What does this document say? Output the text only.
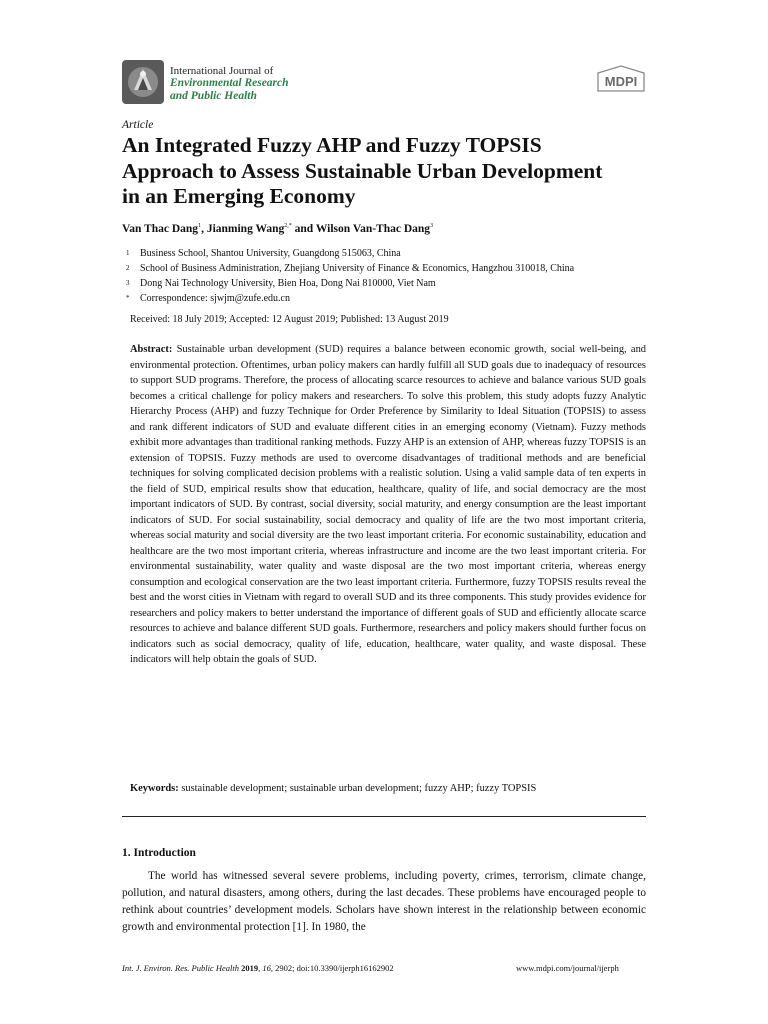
International Journal of
Environmental Research
and Public Health
MDPI
Article
An Integrated Fuzzy AHP and Fuzzy TOPSIS
Approach to Assess Sustainable Urban Development
in an Emerging Economy
Van Thac Dang$^1$, Jianming Wang$^{2,*}$ and Wilson Van-Thac Dang$^3$
1 Business School, Shantou University, Guangdong 515063, China
2 School of Business Administration, Zhejiang University of Finance & Economics, Hangzhou 310018, China
3 Dong Nai Technology University, Bien Hoa, Dong Nai 810000, Viet Nam
* Correspondence: sjwjm@zufe.edu.cn
Received: 18 July 2019; Accepted: 12 August 2019; Published: 13 August 2019
Abstract: Sustainable urban development (SUD) requires a balance between economic growth, social well-being, and environmental protection. Oftentimes, urban policy makers can hardly fulfill all SUD goals due to inadequacy of resources to support SUD programs. Therefore, the process of allocating scarce resources to achieve and balance various SUD goals becomes a critical challenge for policy makers and researchers. To solve this problem, this study adopts fuzzy Analytic Hierarchy Process (AHP) and fuzzy Technique for Order Preference by Similarity to Ideal Situation (TOPSIS) to assess and rank different indicators of SUD and evaluate different cities in an emerging economy (Vietnam). Fuzzy methods exhibit more advantages than traditional ranking methods. Fuzzy AHP is an extension of AHP, whereas fuzzy TOPSIS is an extension of TOPSIS. Fuzzy methods are used to overcome disadvantages of traditional methods and are beneficial techniques for solving complicated decision problems with a realistic solution. Using a valid sample data of ten experts in the field of SUD, empirical results show that education, healthcare, quality of life, and social democracy are the most important indicators of SUD. By contrast, social diversity, social maturity, and energy consumption are the least important indicators of SUD. For social sustainability, social democracy and quality of life are the two most important criteria, whereas social maturity and social diversity are the two least important criteria. For economic sustainability, education and healthcare are the two most important criteria, whereas infrastructure and income are the two least important criteria. For environmental sustainability, water quality and waste disposal are the two most important criteria, whereas energy consumption and ecological conservation are the two least important criteria. Furthermore, fuzzy TOPSIS results reveal the best and the worst cities in Vietnam with regard to overall SUD and its three components. This study provides evidence for researchers and policy makers to better understand the importance of different goals of SUD and efficiently allocate scarce resources to achieve and balance different SUD goals. Furthermore, researchers and policy makers should further focus on indicators such as social democracy, quality of life, education, healthcare, water quality, and waste disposal. These indicators will help obtain the goals of SUD.
Keywords: sustainable development; sustainable urban development; fuzzy AHP; fuzzy TOPSIS
1. Introduction
The world has witnessed several severe problems, including poverty, crimes, terrorism, climate change, pollution, and natural disasters, among others, during the last decades. These problems have encouraged people to rethink about countries’ development models. Scholars have shown interest in the relationship between economic growth and environmental protection [1]. In 1980, the
Int. J. Environ. Res. Public Health 2019, 16, 2902; doi:10.3390/ijerph16162902	www.mdpi.com/journal/ijerph
